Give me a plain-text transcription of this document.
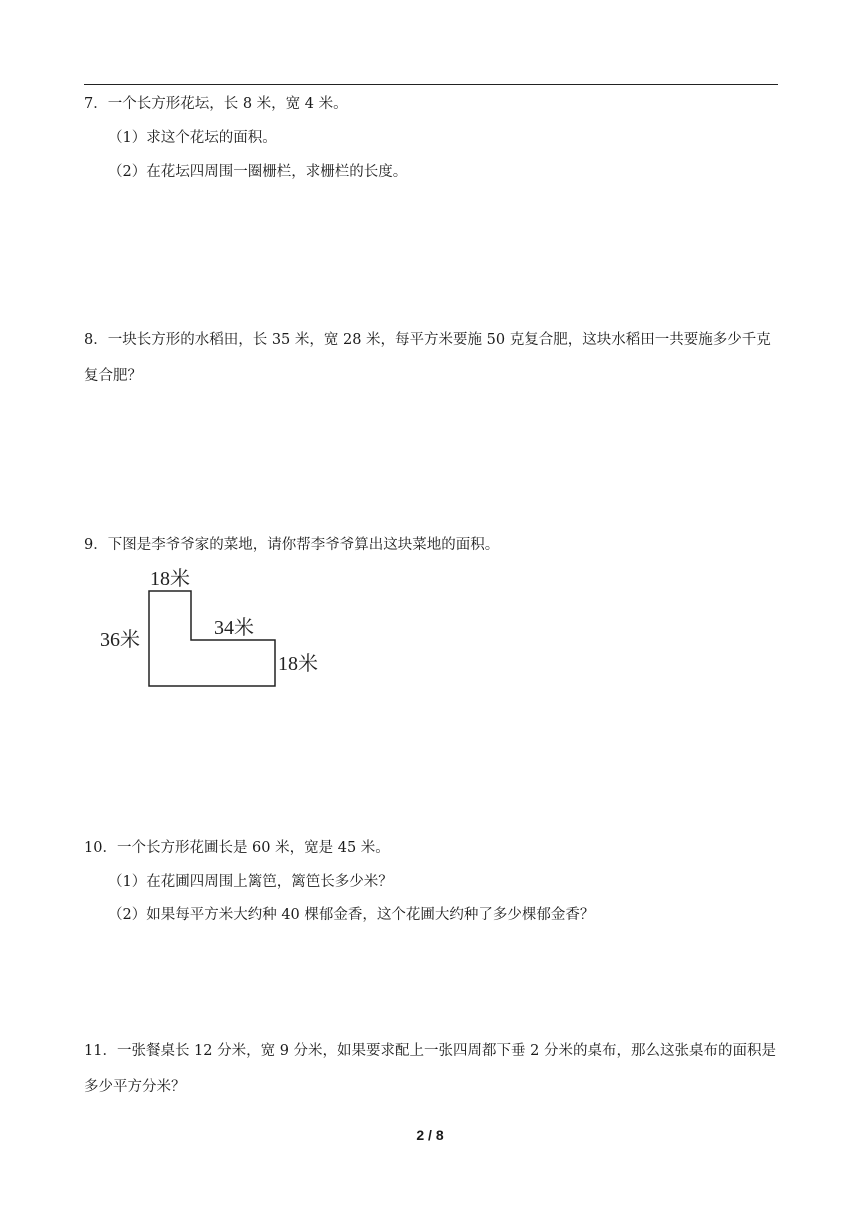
7．一个长方形花坛，长 8 米，宽 4 米。
（1）求这个花坛的面积。
（2）在花坛四周围一圈栅栏，求栅栏的长度。
8．一块长方形的水稻田，长 35 米，宽 28 米，每平方米要施 50 克复合肥，这块水稻田一共要施多少千克复合肥？
9．下图是李爷爷家的菜地，请你帮李爷爷算出这块菜地的面积。
18米
36米
34米
18米
10．一个长方形花圃长是 60 米，宽是 45 米。
（1）在花圃四周围上篱笆，篱笆长多少米？
（2）如果每平方米大约种 40 棵郁金香，这个花圃大约种了多少棵郁金香？
11．一张餐桌长 12 分米，宽 9 分米，如果要求配上一张四周都下垂 2 分米的桌布，那么这张桌布的面积是多少平方分米？
2 / 8
